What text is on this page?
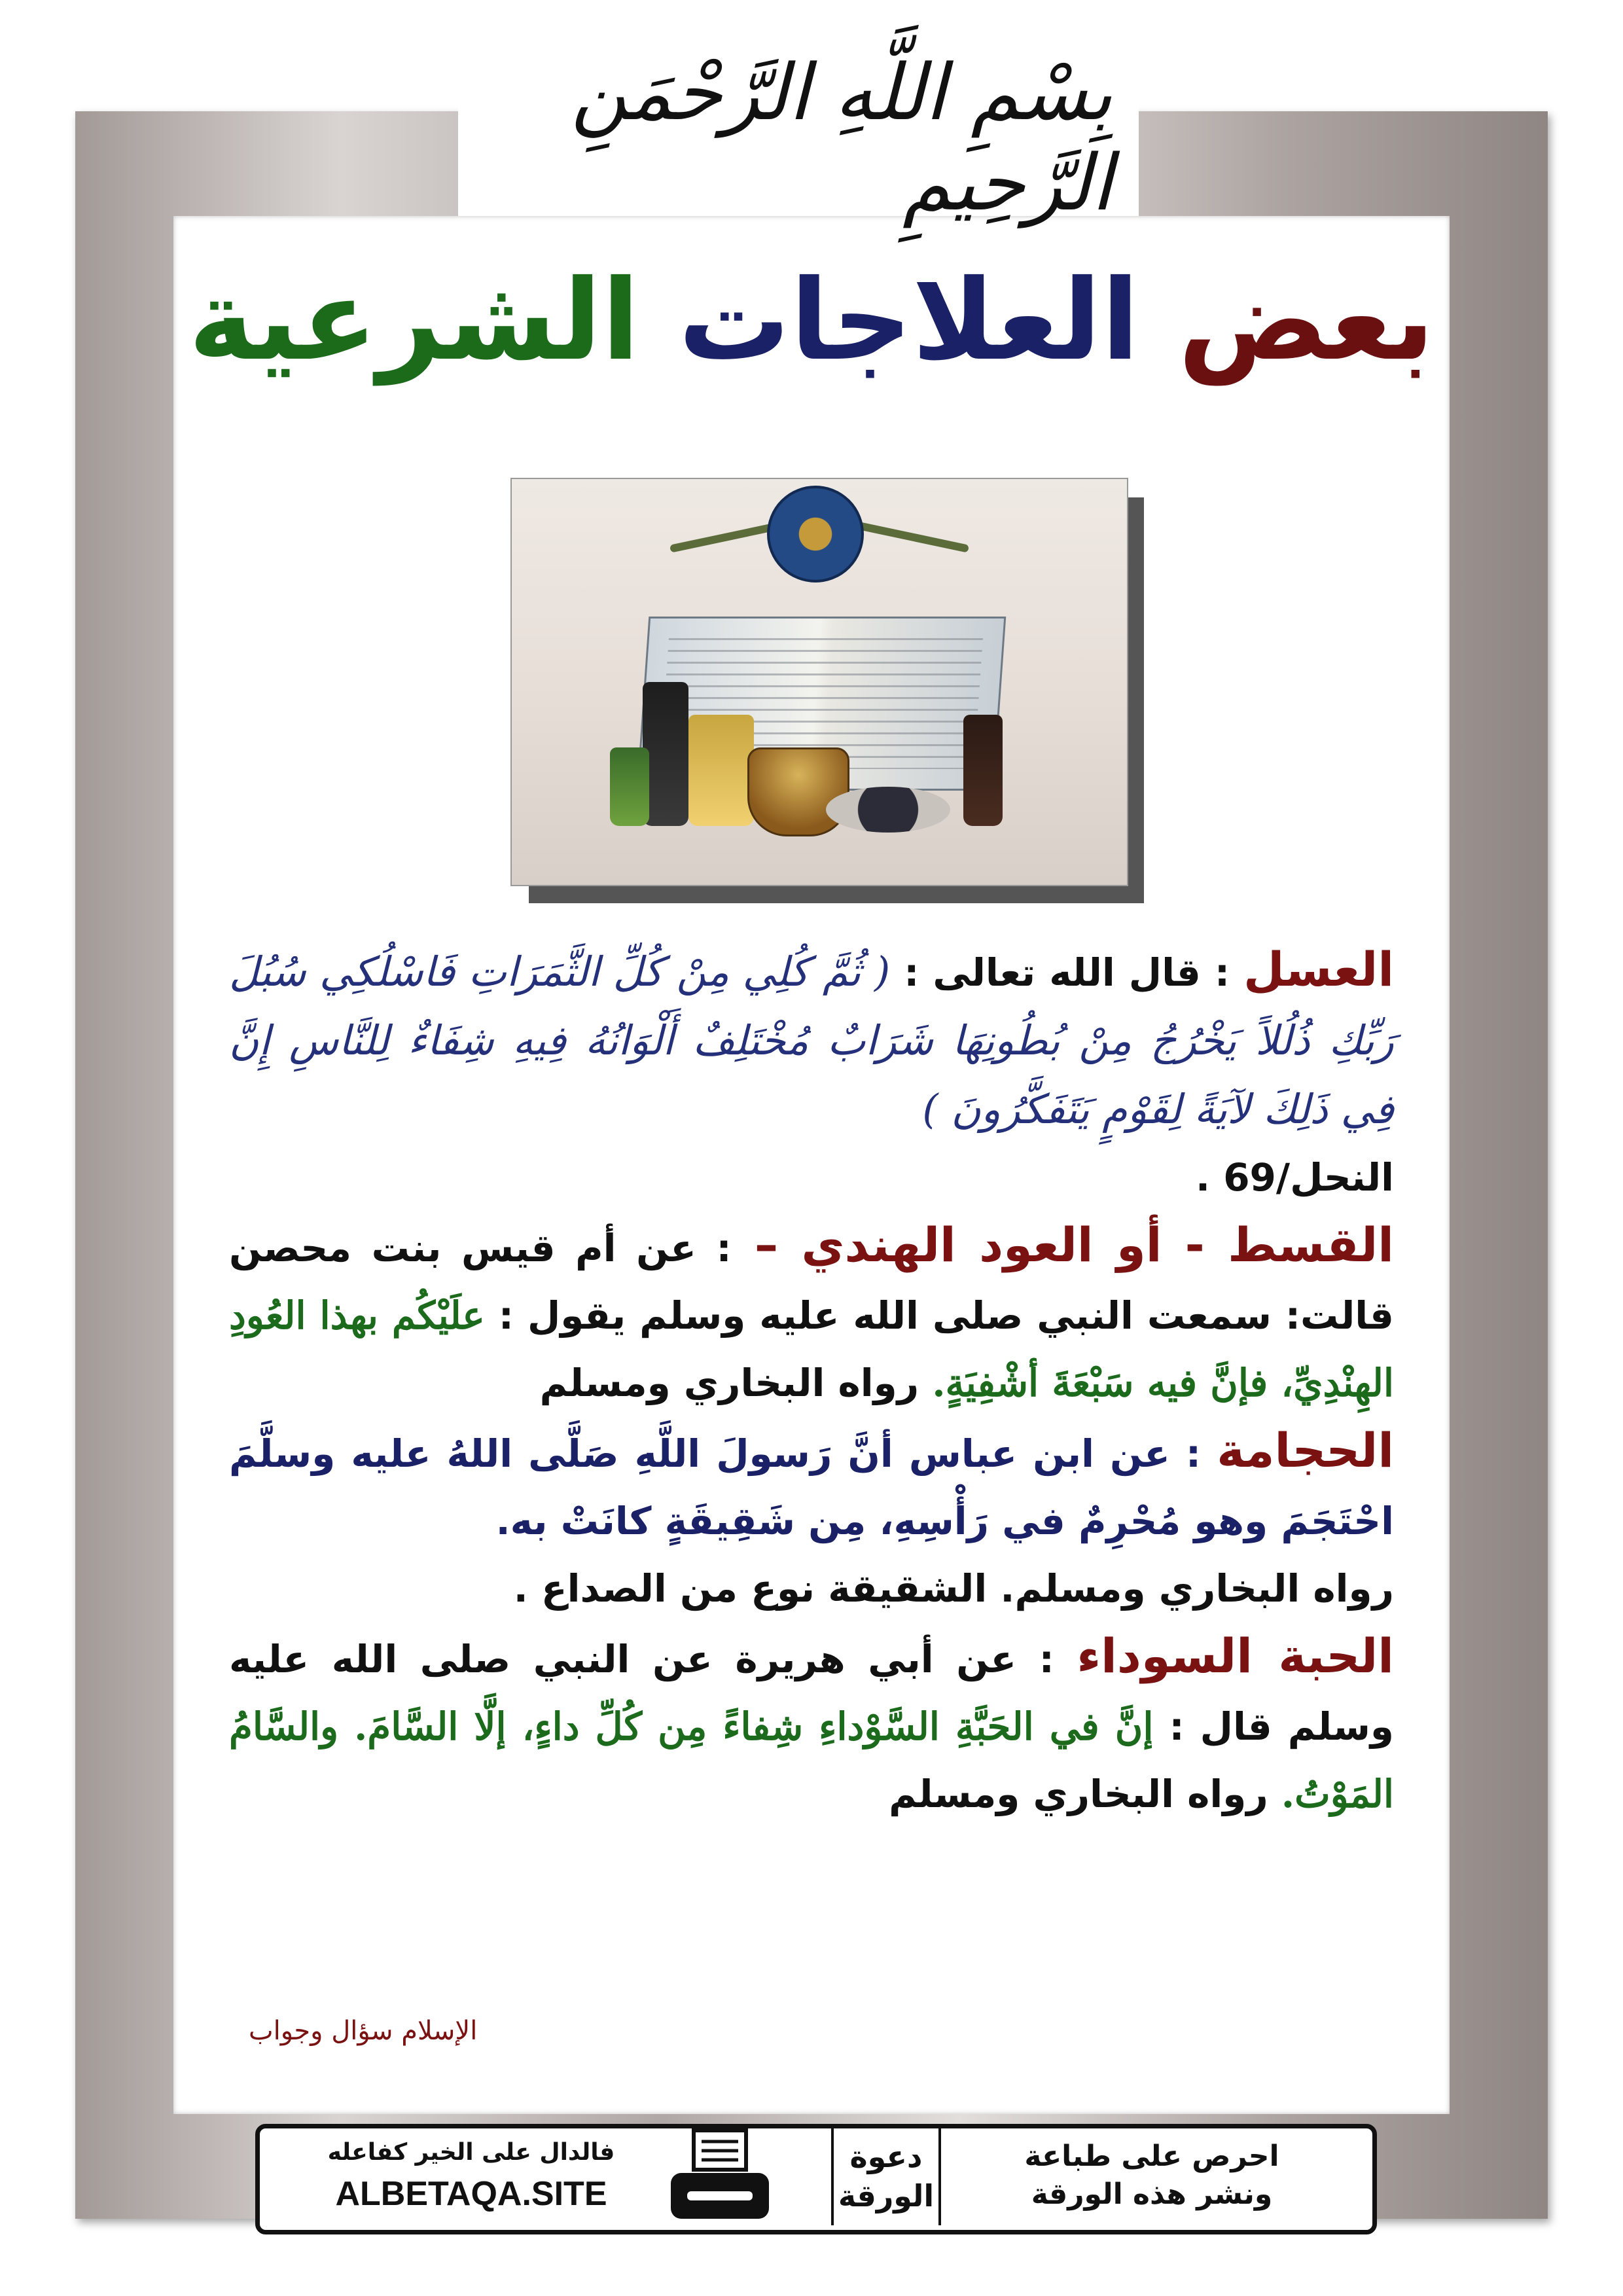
بِسْمِ اللَّهِ الرَّحْمَنِ الرَّحِيمِ
بعض العلاجات الشرعية

العسل : قال الله تعالى : ( ثُمَّ كُلِي مِنْ كُلِّ الثَّمَرَاتِ فَاسْلُكِي سُبُلَ رَبِّكِ ذُلُلاً يَخْرُجُ مِنْ بُطُونِهَا شَرَابٌ مُخْتَلِفٌ أَلْوَانُهُ فِيهِ شِفَاءٌ لِلنَّاسِ إِنَّ فِي ذَلِكَ لآيَةً لِقَوْمٍ يَتَفَكَّرُونَ )
النحل/69 .

القسط - أو العود الهندي – : عن أم قيس بنت محصن قالت: سمعت النبي صلى الله عليه وسلم يقول : علَيْكُم بهذا العُودِ الهِنْدِيِّ، فإنَّ فيه سَبْعَةَ أشْفِيَةٍ. رواه البخاري ومسلم

الحجامة : عن ابن عباس أنَّ رَسولَ اللَّهِ صَلَّى اللهُ عليه وسلَّمَ احْتَجَمَ وهو مُحْرِمٌ في رَأْسِهِ، مِن شَقِيقَةٍ كانَتْ به.
رواه البخاري ومسلم. الشقيقة نوع من الصداع .

الحبة السوداء : عن أبي هريرة عن النبي صلى الله عليه وسلم قال : إنَّ في الحَبَّةِ السَّوْداءِ شِفاءً مِن كُلِّ داءٍ، إلَّا السَّامَ. والسَّامُ المَوْتُ. رواه البخاري ومسلم

الإسلام سؤال وجواب
فالدال على الخير كفاعله
ALBETAQA.SITE
دعوة
الورقة
احرص على طباعة
ونشر هذه الورقة
